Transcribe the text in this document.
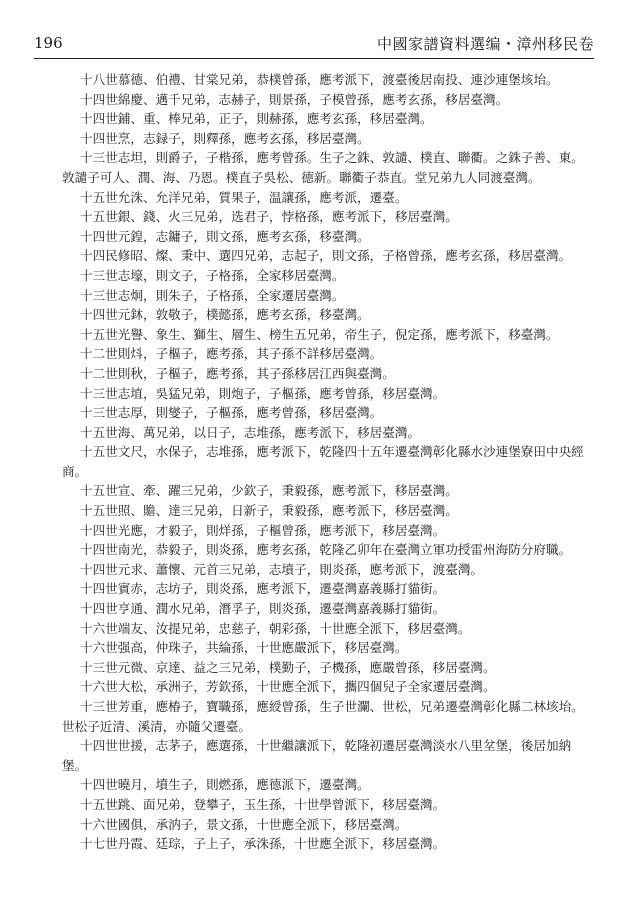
196	中國家譜資料選编・漳州移民卷

十八世慕德、伯禮、甘棠兄弟，恭樸曾孫，應考派下，渡臺後居南投、連沙連堡垓坮。

十四世綿慶、邁千兄弟，志赫子，則景孫，子模曾孫，應考玄孫，移居臺灣。

十四世鋪、重、棒兄弟，正子，則赫孫，應考玄孫，移居臺灣。

十四世烹，志録子，則釋孫，應考玄孫，移居臺灣。

十三世志坦，則爵子，子楷孫，應考曾孫。生子之銖、敦譴、樸直、聯衢。之銖子善、東。敦譴子可人、潤、海、乃恩。樸直子吳松、德新。聯衢子恭直。堂兄弟九人同渡臺灣。

十五世允洙、允洋兄弟，質果子，温讓孫，應考派，遷臺。

十五世銀、錢、火三兄弟，选君子，悖格孫，應考派下，移居臺灣。

十四世元鍠，志鏞子，則文孫，應考玄孫，移臺灣。

十四民修昭、燦、秉中、選四兄弟，志起子，則文孫，子格曾孫，應考玄孫，移居臺灣。

十三世志壕，則文子，子格孫，全家移居臺灣。

十三世志炯，則朱子，子格孫，全家遷居臺灣。

十四世元鈢，敦敬子，樸懿孫，應考玄孫，移臺灣。

十五世光譽、象生、獅生、層生、榜生五兄弟，帝生子，倪定孫，應考派下，移臺灣。

十二世則炓，子樞子，應考孫，其子孫不詳移居臺灣。

十二世則秋，子樞子，應考孫，其子孫移居江西與臺灣。

十三世志埴，吳猛兄弟，則炮子，子樞孫，應考曾孫，移居臺灣。

十三世志厚，則燮子，子樞孫，應考曾孫，移居臺灣。

十五世海、萬兄弟，以日子，志堆孫，應考派下，移居臺灣。

十五世文尺，水保子，志堆孫，應考派下，乾隆四十五年遷臺灣彰化縣水沙連堡寮田中央經商。

十五世宣、牽、躍三兄弟，少欽子，秉毅孫，應考派下，移居臺灣。

十五世照、贍、達三兄弟，日新子，秉毅孫，應考派下，移居臺灣。

十四世光應，才毅子，則烊孫，子樞曾孫，應考派下，移居臺灣。

十四世南光，恭毅子，則炎孫，應考玄孫，乾隆乙卯年在臺灣立軍功授雷州海防分府職。

十四世元求、蕭懷、元首三兄弟，志墳子，則炎孫，應考派下，渡臺灣。

十四世賓赤，志坊子，則炎孫，應考派下，遷臺灣嘉義縣打貓街。

十四世亨通、潤水兄弟，潛孚子，則炎孫，遷臺灣嘉義縣打貓街。

十六世端友、汝提兄弟，忠慈子，朝彩孫，十世應全派下，移居臺灣。

十六世强高，仲珠子，共綸孫，十世應嚴派下，移居臺灣。

十三世元微、京達、益之三兄弟，樸勤子，子機孫，應嚴曾孫，移居臺灣。

十六世大松，承洲子，芳欽孫，十世應全派下，攜四個兒子全家遷居臺灣。

十三世芳重，應椿子，寶職孫，應綬曾孫，生子世瀾、世松，兄弟遷臺灣彰化縣二林垓坮。世松子近清、溪清，亦隨父遷臺。

十四世世援，志茅子，應選孫，十世繼讓派下，乾隆初遷居臺灣淡水八里坌堡，後居加納堡。

十四世曉月，墳生子，則燃孫，應德派下，遷臺灣。

十五世跳、面兄弟，登攀子，玉生孫，十世學曾派下，移居臺灣。

十六世國俱，承汭子，景文孫，十世應全派下，移居臺灣。

十七世丹霞、廷琮，子上子，承洙孫，十世應全派下，移居臺灣。
